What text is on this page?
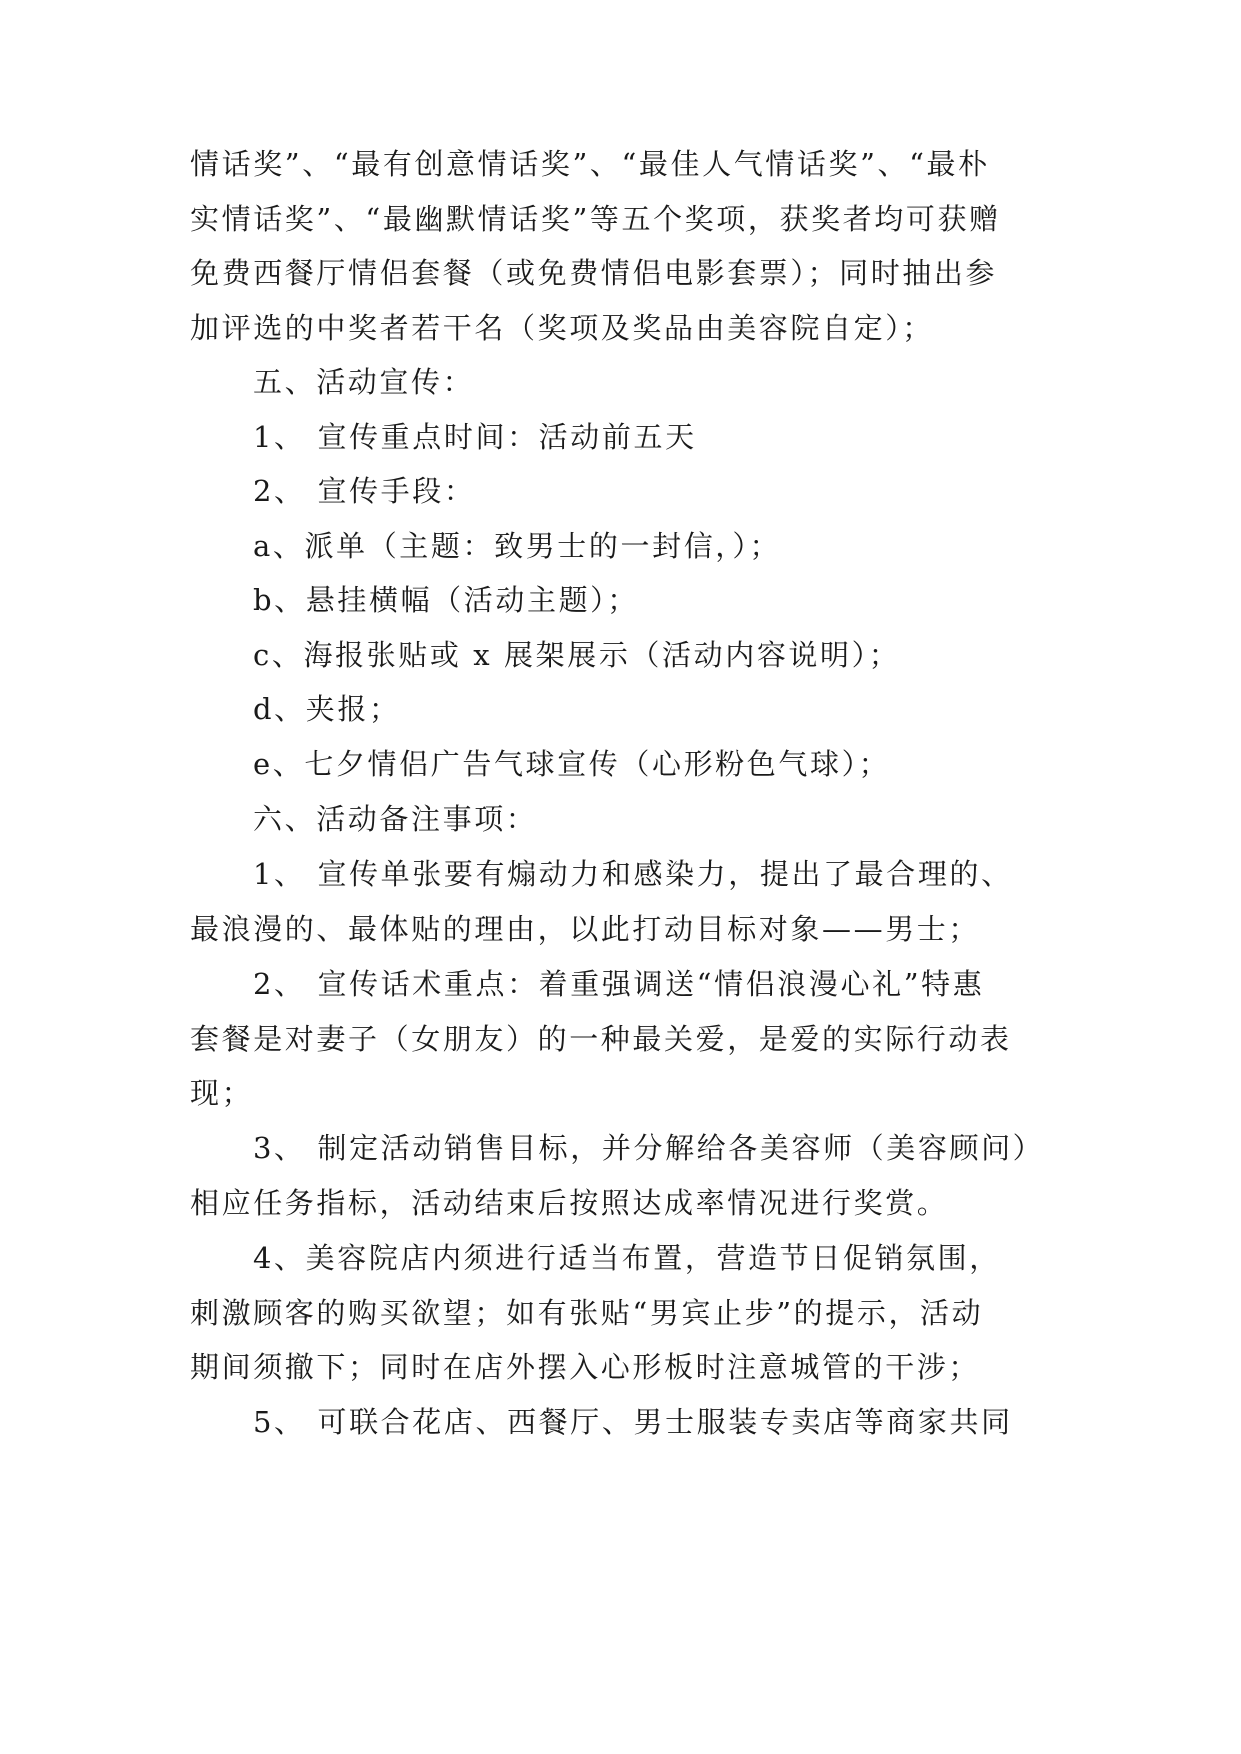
情话奖”、“最有创意情话奖”、“最佳人气情话奖”、“最朴
实情话奖”、“最幽默情话奖”等五个奖项，获奖者均可获赠
免费西餐厅情侣套餐（或免费情侣电影套票）；同时抽出参
加评选的中奖者若干名（奖项及奖品由美容院自定）；
五、活动宣传：
1、 宣传重点时间：活动前五天
2、 宣传手段：
a、派单（主题：致男士的一封信，）；
b、悬挂横幅（活动主题）；
c、海报张贴或 x 展架展示（活动内容说明）；
d、夹报；
e、七夕情侣广告气球宣传（心形粉色气球）；
六、活动备注事项：
1、 宣传单张要有煽动力和感染力，提出了最合理的、
最浪漫的、最体贴的理由，以此打动目标对象——男士；
2、 宣传话术重点：着重强调送“情侣浪漫心礼”特惠
套餐是对妻子（女朋友）的一种最关爱，是爱的实际行动表
现；
3、 制定活动销售目标，并分解给各美容师（美容顾问）
相应任务指标，活动结束后按照达成率情况进行奖赏。
4、美容院店内须进行适当布置，营造节日促销氛围，
刺激顾客的购买欲望；如有张贴“男宾止步”的提示，活动
期间须撤下；同时在店外摆入心形板时注意城管的干涉；
5、 可联合花店、西餐厅、男士服装专卖店等商家共同
